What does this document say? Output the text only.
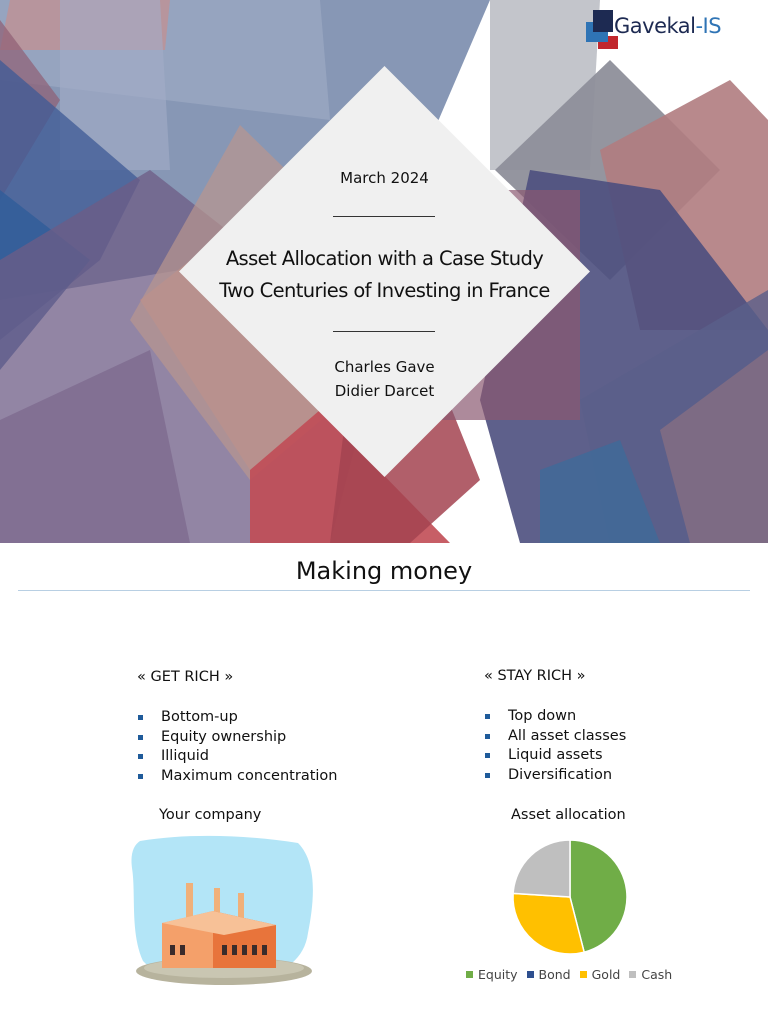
Gavekal-IS
March 2024
Asset Allocation with a Case Study
Two Centuries of Investing in France
Charles Gave
Didier Darcet
Making money
« GET RICH »
Bottom-up
Equity ownership
Illiquid
Maximum concentration
Your company
« STAY RICH »
Top down
All asset classes
Liquid assets
Diversification
Asset allocation
Equity Bond Gold Cash
